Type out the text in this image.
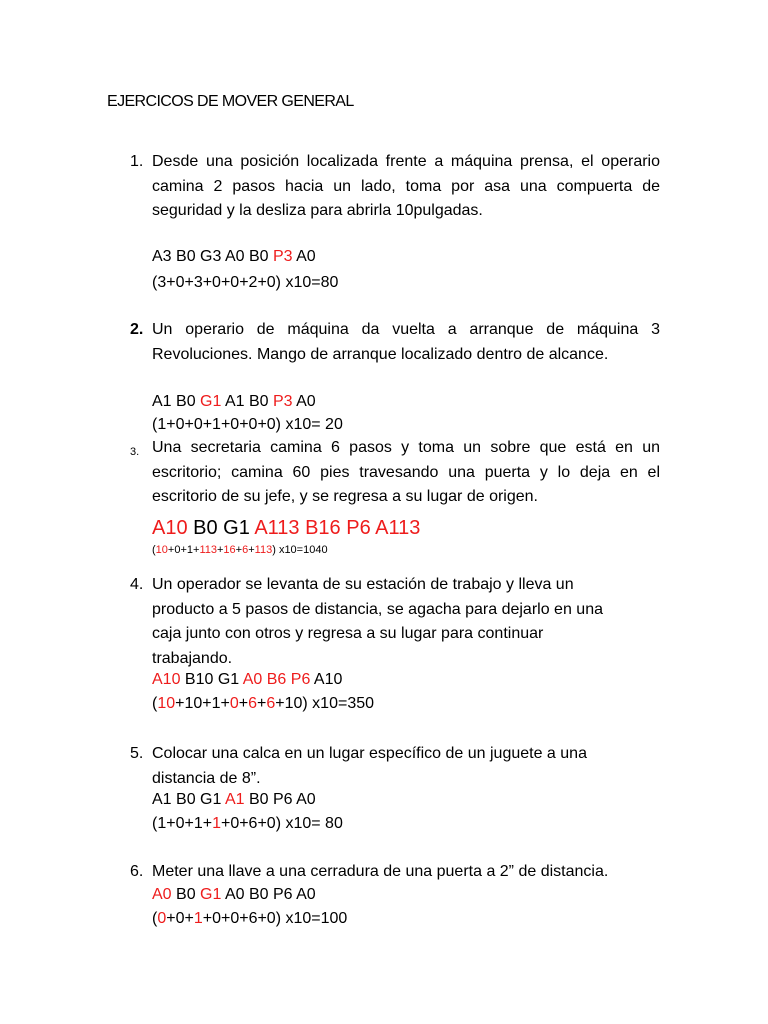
EJERCICOS DE MOVER GENERAL
1. Desde una posición localizada frente a máquina prensa, el operario
camina 2 pasos hacia un lado, toma por asa una compuerta de
seguridad y la desliza para abrirla 10pulgadas.
A3 B0 G3 A0 B0 P3 A0
(3+0+3+0+0+2+0) x10=80
2. Un operario de máquina da vuelta a arranque de máquina 3
Revoluciones. Mango de arranque localizado dentro de alcance.
A1 B0 G1 A1 B0 P3 A0
(1+0+0+1+0+0+0) x10= 20
3. Una secretaria camina 6 pasos y toma un sobre que está en un
escritorio; camina 60 pies travesando una puerta y lo deja en el
escritorio de su jefe, y se regresa a su lugar de origen.
A10 B0 G1 A113 B16 P6 A113
(10+0+1+113+16+6+113) x10=1040
4. Un operador se levanta de su estación de trabajo y lleva un
producto a 5 pasos de distancia, se agacha para dejarlo en una
caja junto con otros y regresa a su lugar para continuar
trabajando.
A10 B10 G1 A0 B6 P6 A10
(10+10+1+0+6+6+10) x10=350
5. Colocar una calca en un lugar específico de un juguete a una
distancia de 8”.
A1 B0 G1 A1 B0 P6 A0
(1+0+1+1+0+6+0) x10= 80
6. Meter una llave a una cerradura de una puerta a 2” de distancia.
A0 B0 G1 A0 B0 P6 A0
(0+0+1+0+0+6+0) x10=100
